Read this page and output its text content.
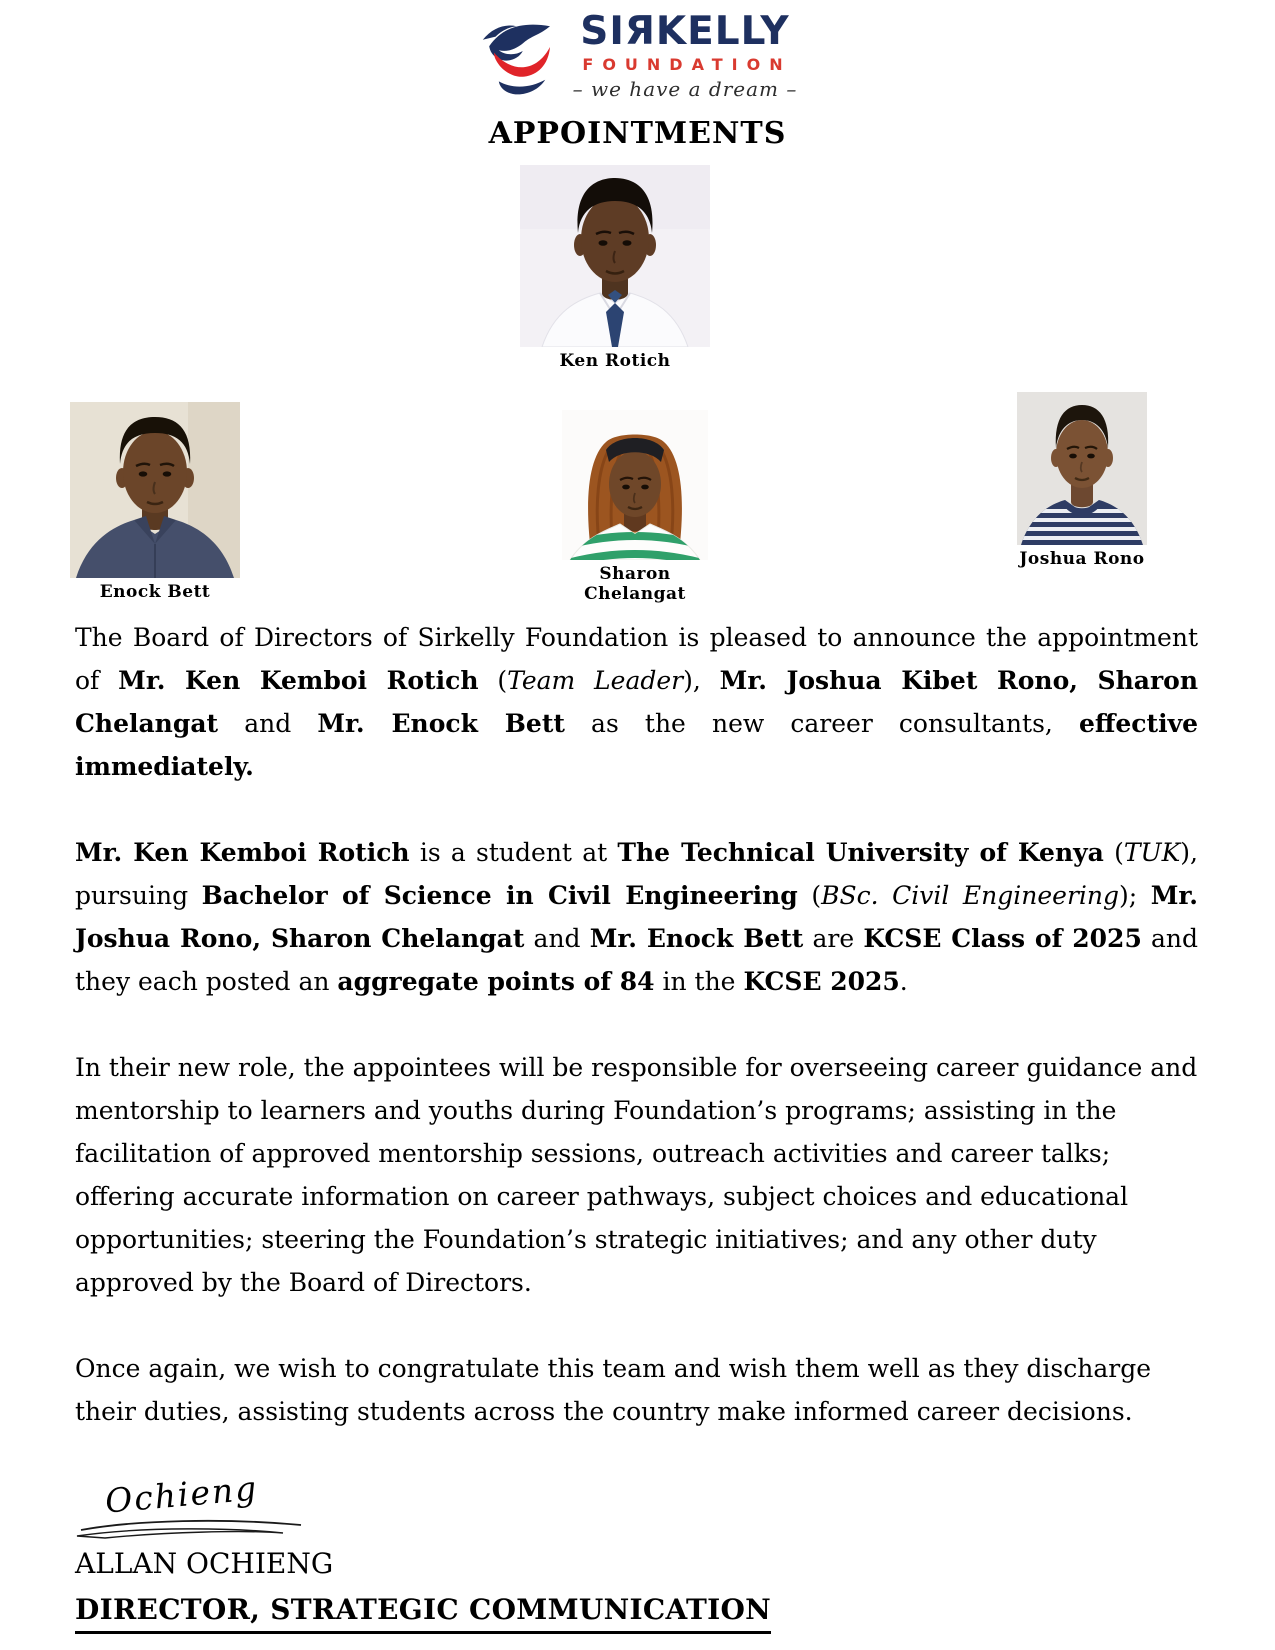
SIЯKELLY
FOUNDATION
– we have a dream –
APPOINTMENTS
Ken Rotich
Enock Bett
Sharon Chelangat
Joshua Rono

The Board of Directors of Sirkelly Foundation is pleased to announce the appointment of Mr. Ken Kemboi Rotich (Team Leader), Mr. Joshua Kibet Rono, Sharon Chelangat and Mr. Enock Bett as the new career consultants, effective immediately.

Mr. Ken Kemboi Rotich is a student at The Technical University of Kenya (TUK), pursuing Bachelor of Science in Civil Engineering (BSc. Civil Engineering); Mr. Joshua Rono, Sharon Chelangat and Mr. Enock Bett are KCSE Class of 2025 and they each posted an aggregate points of 84 in the KCSE 2025.

In their new role, the appointees will be responsible for overseeing career guidance and mentorship to learners and youths during Foundation’s programs; assisting in the facilitation of approved mentorship sessions, outreach activities and career talks; offering accurate information on career pathways, subject choices and educational opportunities; steering the Foundation’s strategic initiatives; and any other duty approved by the Board of Directors.

Once again, we wish to congratulate this team and wish them well as they discharge their duties, assisting students across the country make informed career decisions.

Ochieng
ALLAN OCHIENG
DIRECTOR, STRATEGIC COMMUNICATION
